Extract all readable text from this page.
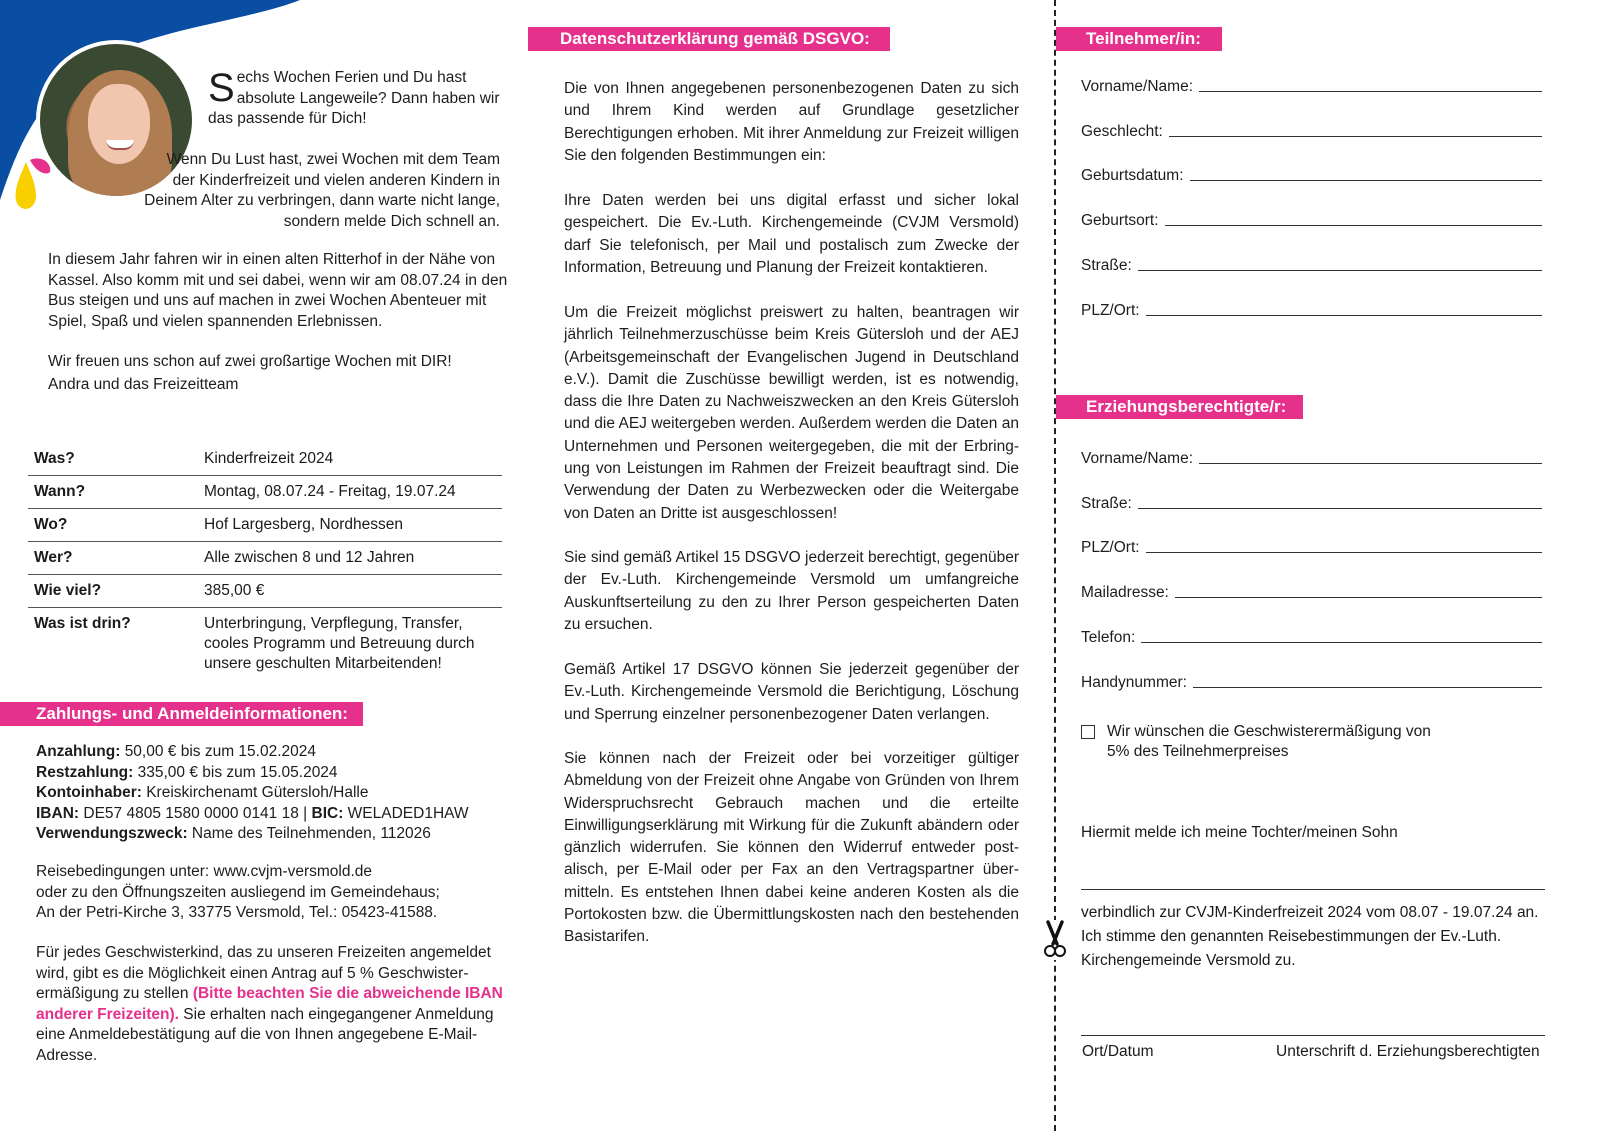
Sechs Wochen Ferien und Du hast absolute Langeweile? Dann haben wir das passende für Dich!
Wenn Du Lust hast, zwei Wochen mit dem Team der Kinderfreizeit und vielen anderen Kindern in Deinem Alter zu verbringen, dann warte nicht lange, sondern melde Dich schnell an.
In diesem Jahr fahren wir in einen alten Ritterhof in der Nähe von Kassel. Also komm mit und sei dabei, wenn wir am 08.07.24 in den Bus steigen und uns auf machen in zwei Wochen Abenteuer mit Spiel, Spaß und vielen spannenden Erlebnissen.
Wir freuen uns schon auf zwei großartige Wochen mit DIR!
Andra und das Freizeitteam
Was?	Kinderfreizeit 2024
Wann?	Montag, 08.07.24 - Freitag, 19.07.24
Wo?	Hof Largesberg, Nordhessen
Wer?	Alle zwischen 8 und 12 Jahren
Wie viel?	385,00 €
Was ist drin?	Unterbringung, Verpflegung, Transfer, cooles Programm und Betreuung durch unsere geschulten Mitarbeitenden!
Zahlungs- und Anmeldeinformationen:
Anzahlung: 50,00 € bis zum 15.02.2024
Restzahlung: 335,00 € bis zum 15.05.2024
Kontoinhaber: Kreiskirchenamt Gütersloh/Halle
IBAN: DE57 4805 1580 0000 0141 18 | BIC: WELADED1HAW
Verwendungszweck: Name des Teilnehmenden, 112026
Reisebedingungen unter: www.cvjm-versmold.de
oder zu den Öffnungszeiten ausliegend im Gemeindehaus;
An der Petri-Kirche 3, 33775 Versmold, Tel.: 05423-41588.
Für jedes Geschwisterkind, das zu unseren Freizeiten angemeldet wird, gibt es die Möglichkeit einen Antrag auf 5 % Geschwisterermäßigung zu stellen (Bitte beachten Sie die abweichende IBAN anderer Freizeiten). Sie erhalten nach eingegangener Anmeldung eine Anmeldebestätigung auf die von Ihnen angegebene E-Mail-Adresse.
Datenschutzerklärung gemäß DSGVO:
Die von Ihnen angegebenen personenbezogenen Daten zu sich und Ihrem Kind werden auf Grundlage gesetzlicher Berechtigungen erhoben. Mit ihrer Anmeldung zur Freizeit willigen Sie den folgenden Bestimmungen ein:
Ihre Daten werden bei uns digital erfasst und sicher lokal gespeichert. Die Ev.-Luth. Kirchengemeinde (CVJM Versmold) darf Sie telefonisch, per Mail und postalisch zum Zwecke der Information, Betreuung und Planung der Freizeit kontaktieren.
Um die Freizeit möglichst preiswert zu halten, beantragen wir jährlich Teilnehmerzuschüsse beim Kreis Gütersloh und der AEJ (Arbeitsgemeinschaft der Evangelischen Jugend in Deutschland e.V.). Damit die Zuschüsse bewilligt werden, ist es notwendig, dass die Ihre Daten zu Nachweiszwecken an den Kreis Gütersloh und die AEJ weitergeben werden. Außerdem werden die Daten an Unternehmen und Personen weitergegeben, die mit der Erbringung von Leistungen im Rahmen der Freizeit beauftragt sind. Die Verwendung der Daten zu Werbezwecken oder die Weitergabe von Daten an Dritte ist ausgeschlossen!
Sie sind gemäß Artikel 15 DSGVO jederzeit berechtigt, gegenüber der Ev.-Luth. Kirchengemeinde Versmold um umfangreiche Auskunftserteilung zu den zu Ihrer Person gespeicherten Daten zu ersuchen.
Gemäß Artikel 17 DSGVO können Sie jederzeit gegenüber der Ev.-Luth. Kirchengemeinde Versmold die Berichtigung, Löschung und Sperrung einzelner personenbezogener Daten verlangen.
Sie können nach der Freizeit oder bei vorzeitiger gültiger Abmeldung von der Freizeit ohne Angabe von Gründen von Ihrem Widerspruchsrecht Gebrauch machen und die erteilte Einwilligungserklärung mit Wirkung für die Zukunft abändern oder gänzlich widerrufen. Sie können den Widerruf entweder postalisch, per E-Mail oder per Fax an den Vertragspartner übermitteln. Es entstehen Ihnen dabei keine anderen Kosten als die Portokosten bzw. die Übermittlungskosten nach den bestehenden Basistarifen.
Teilnehmer/in:
Vorname/Name:
Geschlecht:
Geburtsdatum:
Geburtsort:
Straße:
PLZ/Ort:
Erziehungsberechtigte/r:
Vorname/Name:
Straße:
PLZ/Ort:
Mailadresse:
Telefon:
Handynummer:
Wir wünschen die Geschwisterermäßigung von
5% des Teilnehmerpreises
Hiermit melde ich meine Tochter/meinen Sohn
verbindlich zur CVJM-Kinderfreizeit 2024 vom 08.07 - 19.07.24 an. Ich stimme den genannten Reisebestimmungen der Ev.-Luth. Kirchengemeinde Versmold zu.
Ort/Datum	Unterschrift d. Erziehungsberechtigten
